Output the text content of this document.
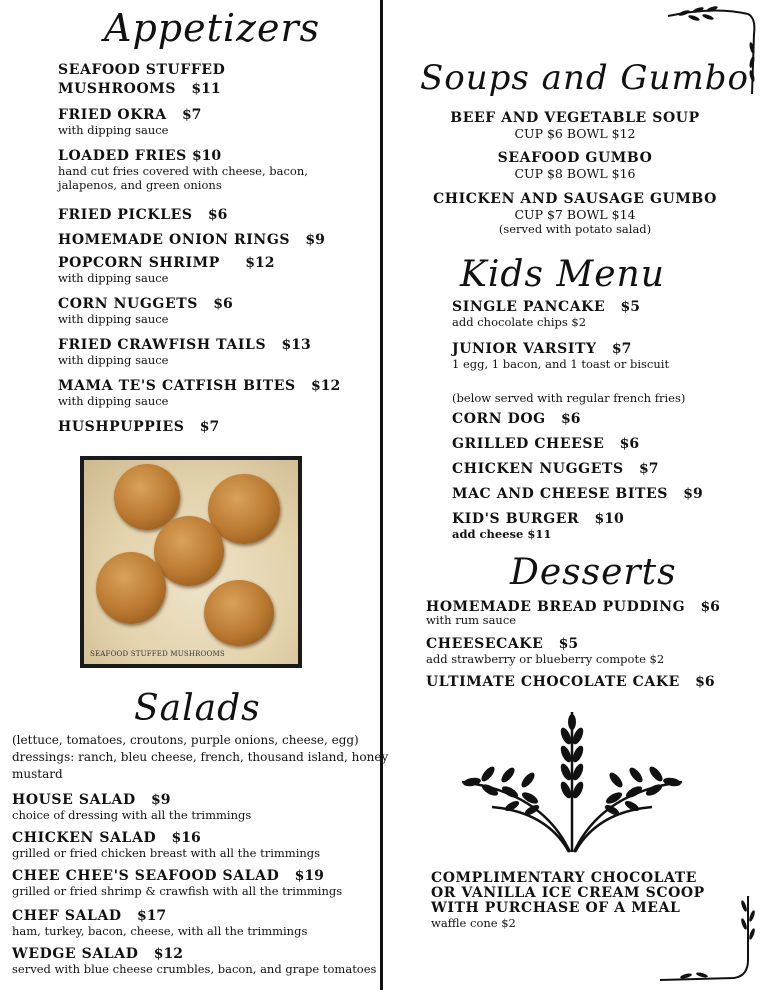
Appetizers
SEAFOOD STUFFED
MUSHROOMS $11
FRIED OKRA $7
with dipping sauce
LOADED FRIES $10
hand cut fries covered with cheese, bacon,
jalapenos, and green onions
FRIED PICKLES $6
HOMEMADE ONION RINGS $9
POPCORN SHRIMP $12
with dipping sauce
CORN NUGGETS $6
with dipping sauce
FRIED CRAWFISH TAILS $13
with dipping sauce
MAMA TE'S CATFISH BITES $12
with dipping sauce
HUSHPUPPIES $7
SEAFOOD STUFFED MUSHROOMS
Salads
(lettuce, tomatoes, croutons, purple onions, cheese, egg)
dressings: ranch, bleu cheese, french, thousand island, honey
mustard
HOUSE SALAD $9
choice of dressing with all the trimmings
CHICKEN SALAD $16
grilled or fried chicken breast with all the trimmings
CHEE CHEE'S SEAFOOD SALAD $19
grilled or fried shrimp & crawfish with all the trimmings
CHEF SALAD $17
ham, turkey, bacon, cheese, with all the trimmings
WEDGE SALAD $12
served with blue cheese crumbles, bacon, and grape tomatoes
Soups and Gumbo
BEEF AND VEGETABLE SOUP
CUP $6 BOWL $12
SEAFOOD GUMBO
CUP $8 BOWL $16
CHICKEN AND SAUSAGE GUMBO
CUP $7 BOWL $14
(served with potato salad)
Kids Menu
SINGLE PANCAKE $5
add chocolate chips $2
JUNIOR VARSITY $7
1 egg, 1 bacon, and 1 toast or biscuit
(below served with regular french fries)
CORN DOG $6
GRILLED CHEESE $6
CHICKEN NUGGETS $7
MAC AND CHEESE BITES $9
KID'S BURGER $10
add cheese $11
Desserts
HOMEMADE BREAD PUDDING $6
with rum sauce
CHEESECAKE $5
add strawberry or blueberry compote $2
ULTIMATE CHOCOLATE CAKE $6
COMPLIMENTARY CHOCOLATE
OR VANILLA ICE CREAM SCOOP
WITH PURCHASE OF A MEAL
waffle cone $2
